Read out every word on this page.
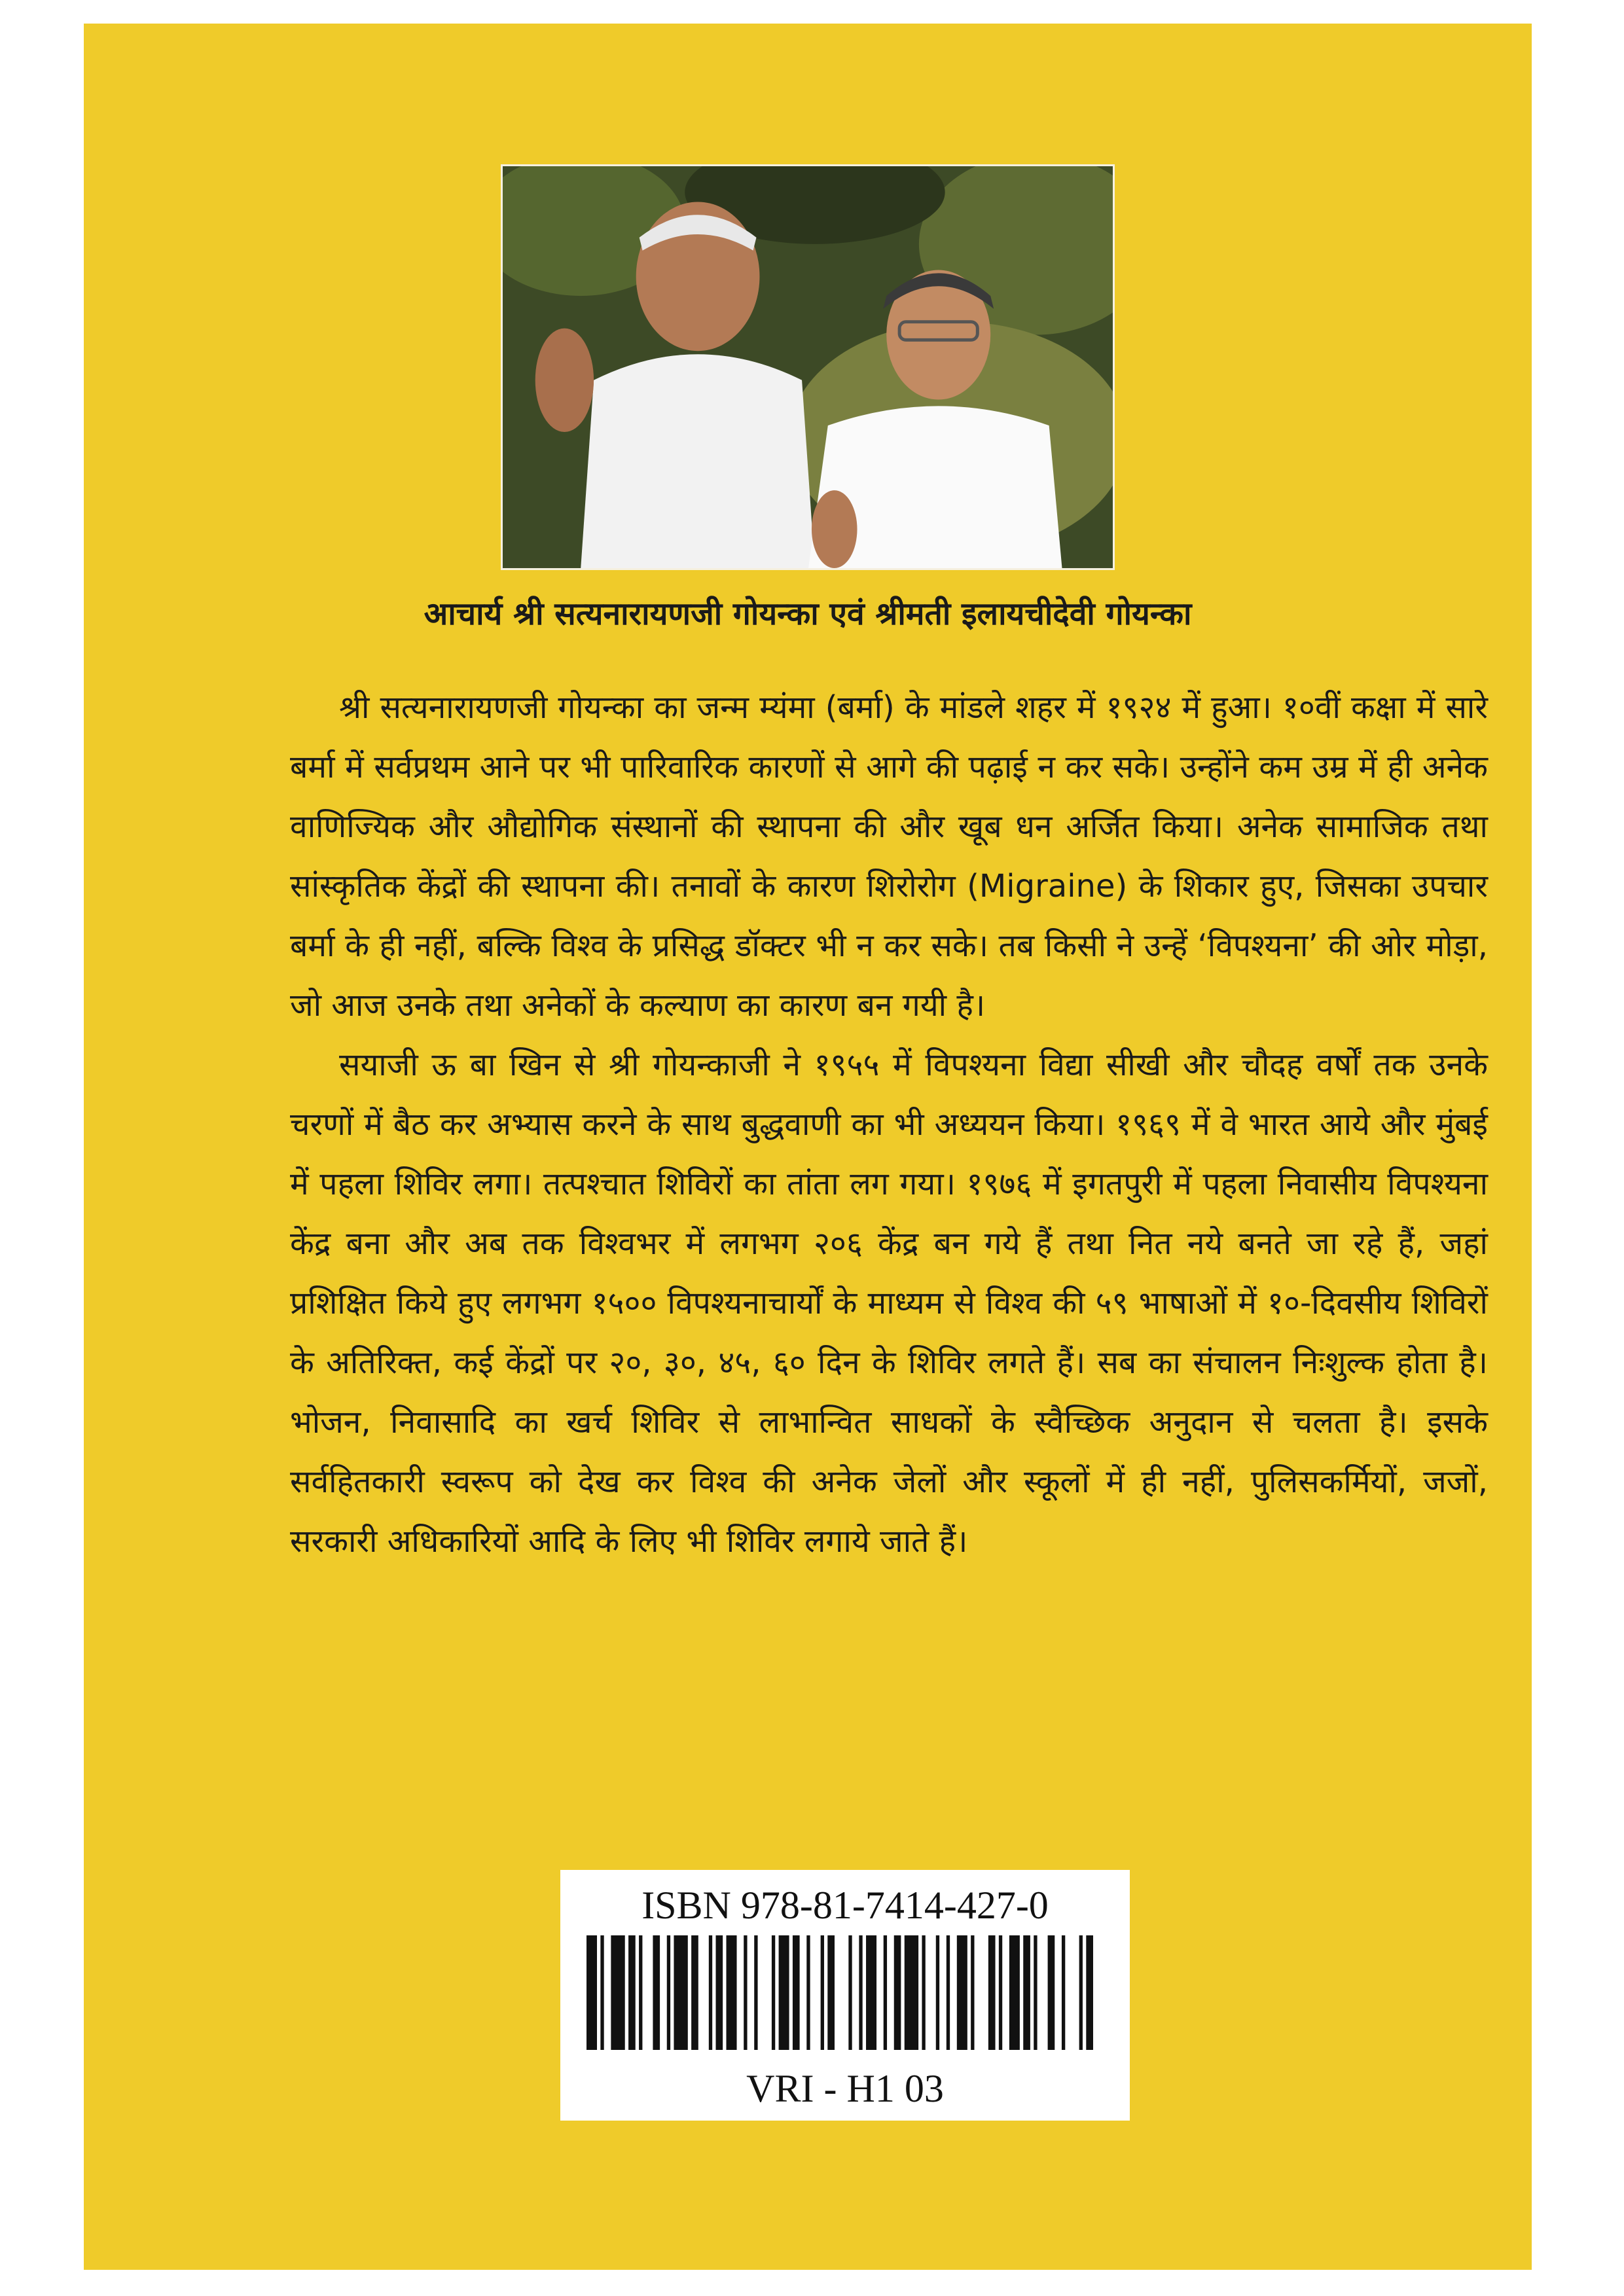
आचार्य श्री सत्यनारायणजी गोयन्का एवं श्रीमती इलायचीदेवी गोयन्का

श्री सत्यनारायणजी गोयन्का का जन्म म्यंमा (बर्मा) के मांडले शहर में १९२४ में हुआ। १०वीं कक्षा में सारे बर्मा में सर्वप्रथम आने पर भी पारिवारिक कारणों से आगे की पढ़ाई न कर सके। उन्होंने कम उम्र में ही अनेक वाणिज्यिक और औद्योगिक संस्थानों की स्थापना की और खूब धन अर्जित किया। अनेक सामाजिक तथा सांस्कृतिक केंद्रों की स्थापना की। तनावों के कारण शिरोरोग (Migraine) के शिकार हुए, जिसका उपचार बर्मा के ही नहीं, बल्कि विश्व के प्रसिद्ध डॉक्टर भी न कर सके। तब किसी ने उन्हें ‘विपश्यना’ की ओर मोड़ा, जो आज उनके तथा अनेकों के कल्याण का कारण बन गयी है।

सयाजी ऊ बा खिन से श्री गोयन्काजी ने १९५५ में विपश्यना विद्या सीखी और चौदह वर्षों तक उनके चरणों में बैठ कर अभ्यास करने के साथ बुद्धवाणी का भी अध्ययन किया। १९६९ में वे भारत आये और मुंबई में पहला शिविर लगा। तत्पश्चात शिविरों का तांता लग गया। १९७६ में इगतपुरी में पहला निवासीय विपश्यना केंद्र बना और अब तक विश्वभर में लगभग २०६ केंद्र बन गये हैं तथा नित नये बनते जा रहे हैं, जहां प्रशिक्षित किये हुए लगभग १५०० विपश्यनाचार्यों के माध्यम से विश्व की ५९ भाषाओं में १०-दिवसीय शिविरों के अतिरिक्त, कई केंद्रों पर २०, ३०, ४५, ६० दिन के शिविर लगते हैं। सब का संचालन निःशुल्क होता है। भोजन, निवासादि का खर्च शिविर से लाभान्वित साधकों के स्वैच्छिक अनुदान से चलता है। इसके सर्वहितकारी स्वरूप को देख कर विश्व की अनेक जेलों और स्कूलों में ही नहीं, पुलिसकर्मियों, जजों, सरकारी अधिकारियों आदि के लिए भी शिविर लगाये जाते हैं।

ISBN 978-81-7414-427-0
VRI - H1 03
